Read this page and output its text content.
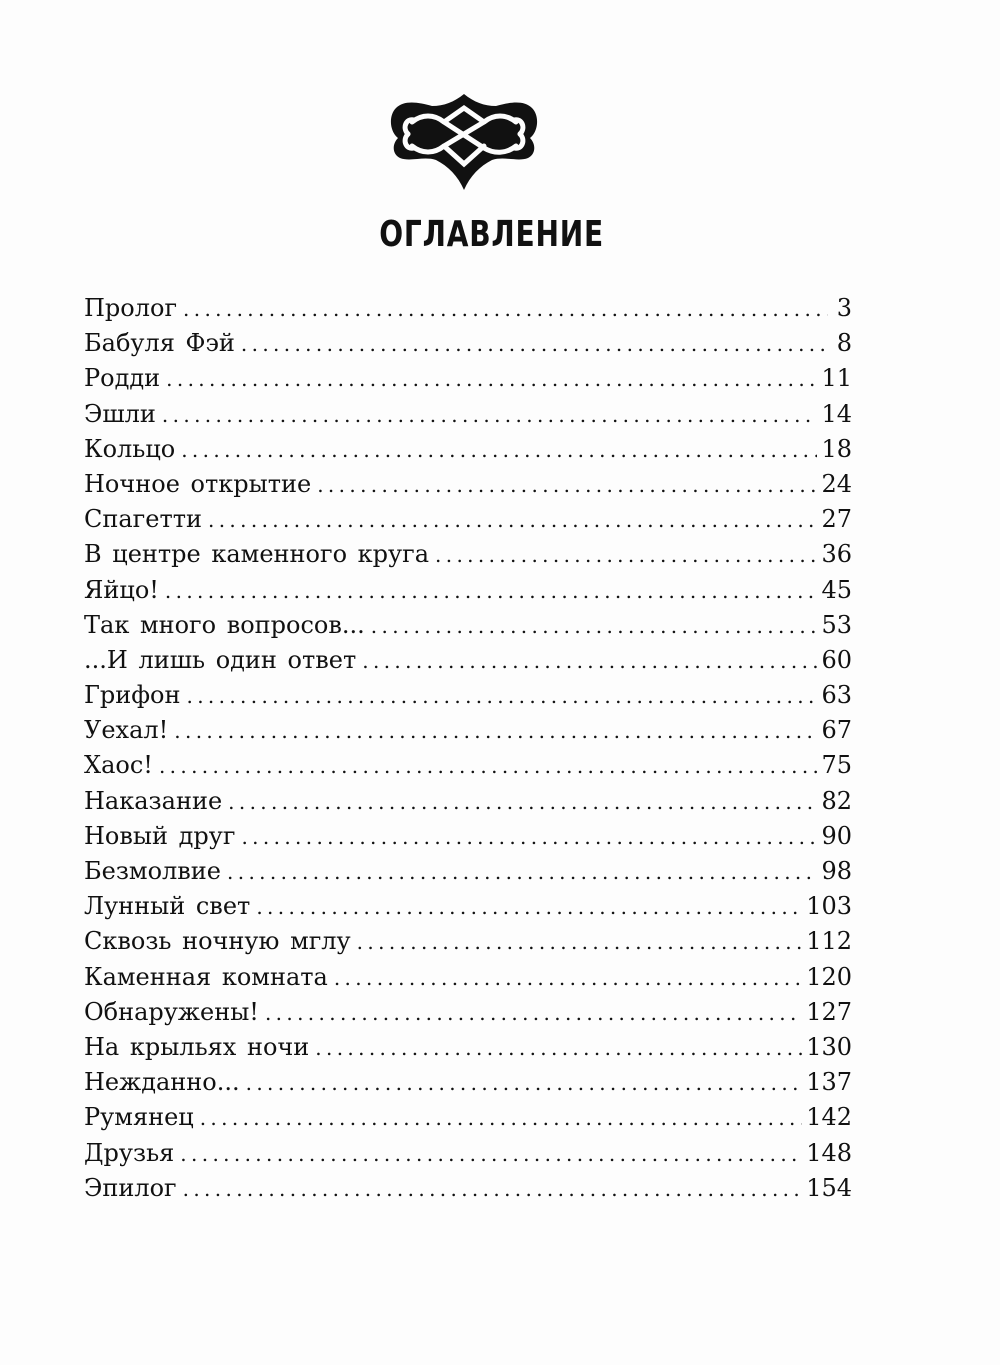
ОГЛАВЛЕНИЕ
Пролог . . .	3
Бабуля Фэй . . .	8
Родди . . .	11
Эшли . . .	14
Кольцо . . .	18
Ночное открытие . . .	24
Спагетти . . .	27
В центре каменного круга . . .	36
Яйцо! . . .	45
Так много вопросов... . . .	53
...И лишь один ответ . . .	60
Грифон . . .	63
Уехал! . . .	67
Хаос! . . .	75
Наказание . . .	82
Новый друг . . .	90
Безмолвие . . .	98
Лунный свет . . .	103
Сквозь ночную мглу . . .	112
Каменная комната . . .	120
Обнаружены! . . .	127
На крыльях ночи . . .	130
Нежданно... . . .	137
Румянец . . .	142
Друзья . . .	148
Эпилог . . .	154
